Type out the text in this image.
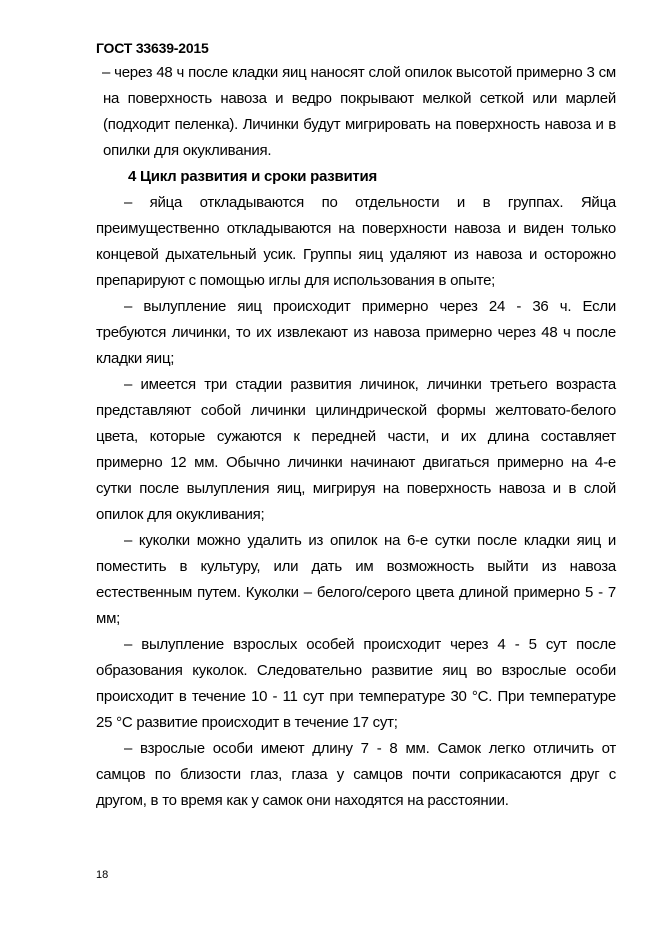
ГОСТ 33639-2015

– через 48 ч после кладки яиц наносят слой опилок высотой примерно 3 см на поверхность навоза и ведро покрывают мелкой сеткой или марлей (подходит пеленка). Личинки будут мигрировать на поверхность навоза и в опилки для окукливания.

4 Цикл развития и сроки развития

– яйца откладываются по отдельности и в группах. Яйца преимущественно откладываются на поверхности навоза и виден только концевой дыхательный усик. Группы яиц удаляют из навоза и осторожно препарируют с помощью иглы для использования в опыте;

– вылупление яиц происходит примерно через 24 - 36 ч. Если требуются личинки, то их извлекают из навоза примерно через 48 ч после кладки яиц;

– имеется три стадии развития личинок, личинки третьего возраста представляют собой личинки цилиндрической формы желтовато-белого цвета, которые сужаются к передней части, и их длина составляет примерно 12 мм. Обычно личинки начинают двигаться примерно на 4-е сутки после вылупления яиц, мигрируя на поверхность навоза и в слой опилок для окукливания;

– куколки можно удалить из опилок на 6-е сутки после кладки яиц и поместить в культуру, или дать им возможность выйти из навоза естественным путем. Куколки – белого/серого цвета длиной примерно 5 - 7 мм;

– вылупление взрослых особей происходит через 4 - 5 сут после образования куколок. Следовательно развитие яиц во взрослые особи происходит в течение 10 - 11 сут при температуре 30 °С. При температуре 25 °С развитие происходит в течение 17 сут;

– взрослые особи имеют длину 7 - 8 мм. Самок легко отличить от самцов по близости глаз, глаза у самцов почти соприкасаются друг с другом, в то время как у самок они находятся на расстоянии.

18
